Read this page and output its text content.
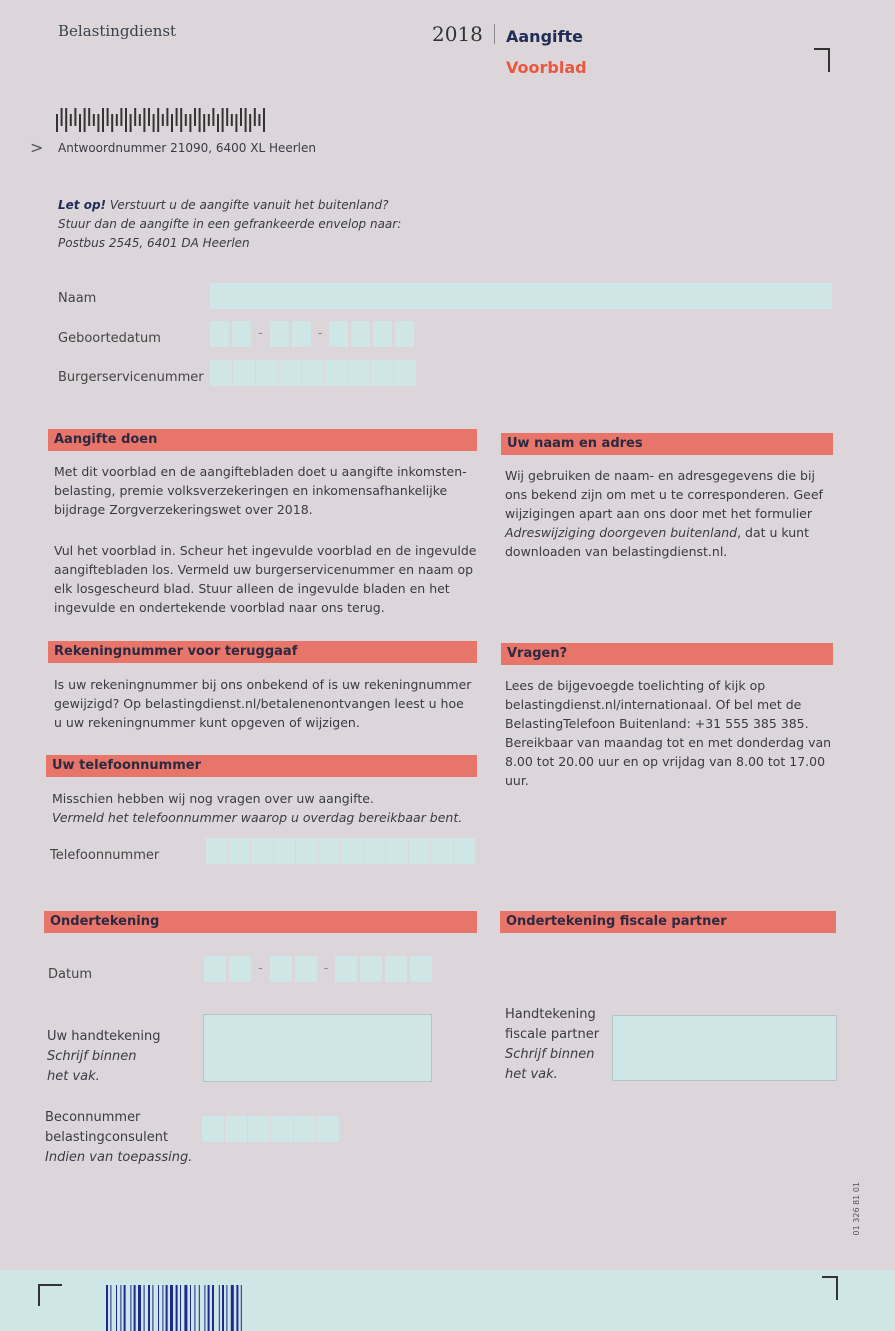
Belastingdienst	2018 Aangifte
Voorblad
> Antwoordnummer 21090, 6400 XL Heerlen
Let op! Verstuurt u de aangifte vanuit het buitenland?
Stuur dan de aangifte in een gefrankeerde envelop naar:
Postbus 2545, 6401 DA Heerlen
Naam
Geboortedatum	-	-
Burgerservicenummer
Aangifte doen
Met dit voorblad en de aangiftebladen doet u aangifte inkomsten-belasting, premie volksverzekeringen en inkomensafhankelijke bijdrage Zorgverzekeringswet over 2018.
Vul het voorblad in. Scheur het ingevulde voorblad en de ingevulde aangiftebladen los. Vermeld uw burgerservicenummer en naam op elk losgescheurd blad. Stuur alleen de ingevulde bladen en het ingevulde en ondertekende voorblad naar ons terug.
Uw naam en adres
Wij gebruiken de naam- en adresgegevens die bij ons bekend zijn om met u te corresponderen. Geef wijzigingen apart aan ons door met het formulier Adreswijziging doorgeven buitenland, dat u kunt downloaden van belastingdienst.nl.
Rekeningnummer voor teruggaaf
Is uw rekeningnummer bij ons onbekend of is uw rekeningnummer gewijzigd? Op belastingdienst.nl/betalenenontvangen leest u hoe u uw rekeningnummer kunt opgeven of wijzigen.
Vragen?
Lees de bijgevoegde toelichting of kijk op belastingdienst.nl/internationaal. Of bel met de BelastingTelefoon Buitenland: +31 555 385 385. Bereikbaar van maandag tot en met donderdag van 8.00 tot 20.00 uur en op vrijdag van 8.00 tot 17.00 uur.
Uw telefoonnummer
Misschien hebben wij nog vragen over uw aangifte.
Vermeld het telefoonnummer waarop u overdag bereikbaar bent.
Telefoonnummer
Ondertekening
Datum	-	-
Uw handtekening
Schrijf binnen
het vak.
Beconnummer
belastingconsulent
Indien van toepassing.
Ondertekening fiscale partner
Handtekening
fiscale partner
Schrijf binnen
het vak.
01 326 81 01
